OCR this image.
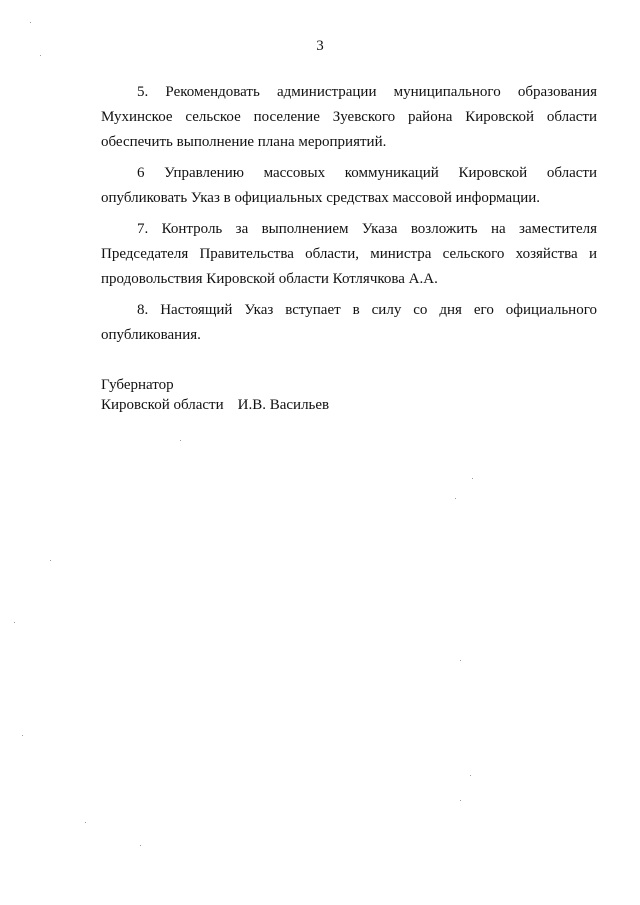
3

5. Рекомендовать администрации муниципального образования Мухинское сельское поселение Зуевского района Кировской области обеспечить выполнение плана мероприятий.

6 Управлению массовых коммуникаций Кировской области опубликовать Указ в официальных средствах массовой информации.

7. Контроль за выполнением Указа возложить на заместителя Председателя Правительства области, министра сельского хозяйства и продовольствия Кировской области Котлячкова А.А.

8. Настоящий Указ вступает в силу со дня его официального опубликования.

Губернатор
Кировской области И.В. Васильев
